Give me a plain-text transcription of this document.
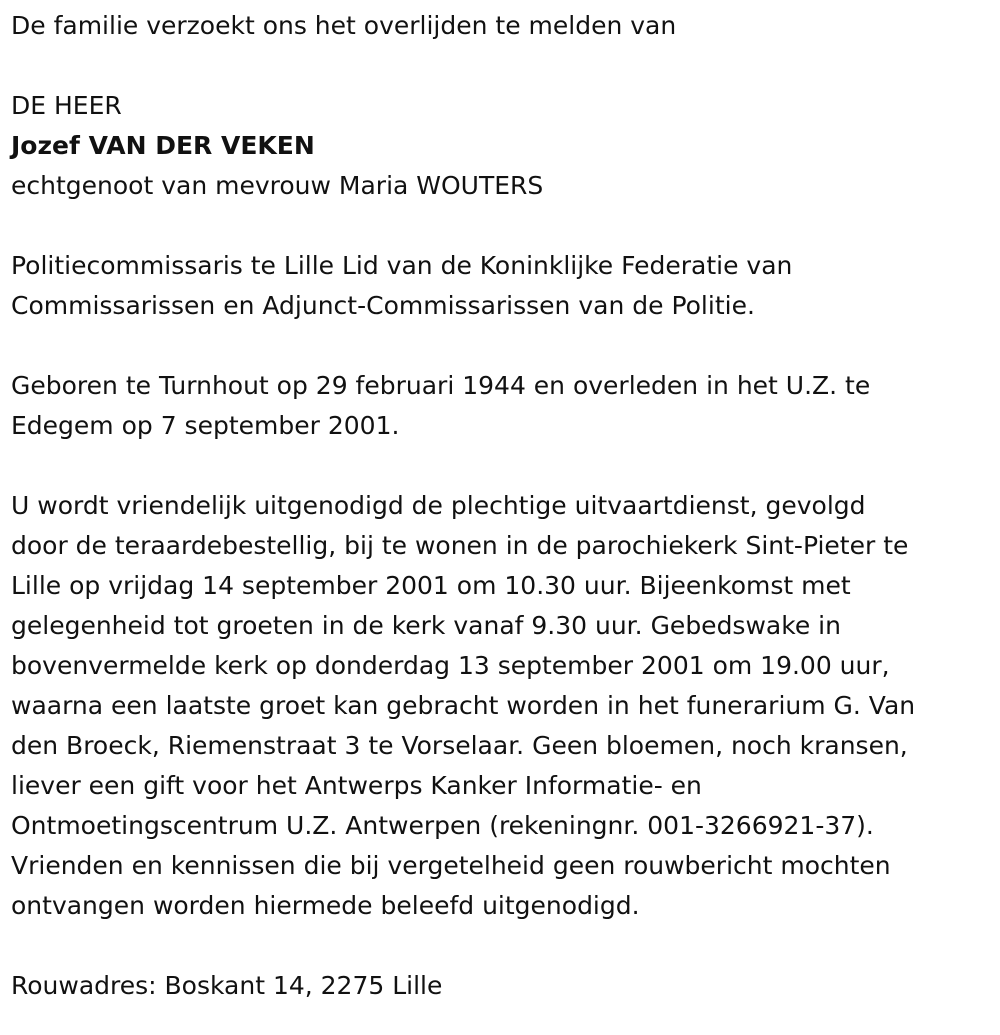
De familie verzoekt ons het overlijden te melden van

DE HEER

Jozef VAN DER VEKEN

echtgenoot van mevrouw Maria WOUTERS

Politiecommissaris te Lille Lid van de Koninklijke Federatie van

Commissarissen en Adjunct-Commissarissen van de Politie.

Geboren te Turnhout op 29 februari 1944 en overleden in het U.Z. te

Edegem op 7 september 2001.

U wordt vriendelijk uitgenodigd de plechtige uitvaartdienst, gevolgd

door de teraardebestellig, bij te wonen in de parochiekerk Sint-Pieter te

Lille op vrijdag 14 september 2001 om 10.30 uur. Bijeenkomst met

gelegenheid tot groeten in de kerk vanaf 9.30 uur. Gebedswake in

bovenvermelde kerk op donderdag 13 september 2001 om 19.00 uur,

waarna een laatste groet kan gebracht worden in het funerarium G. Van

den Broeck, Riemenstraat 3 te Vorselaar. Geen bloemen, noch kransen,

liever een gift voor het Antwerps Kanker Informatie- en

Ontmoetingscentrum U.Z. Antwerpen (rekeningnr. 001-3266921-37).

Vrienden en kennissen die bij vergetelheid geen rouwbericht mochten

ontvangen worden hiermede beleefd uitgenodigd.

Rouwadres: Boskant 14, 2275 Lille
